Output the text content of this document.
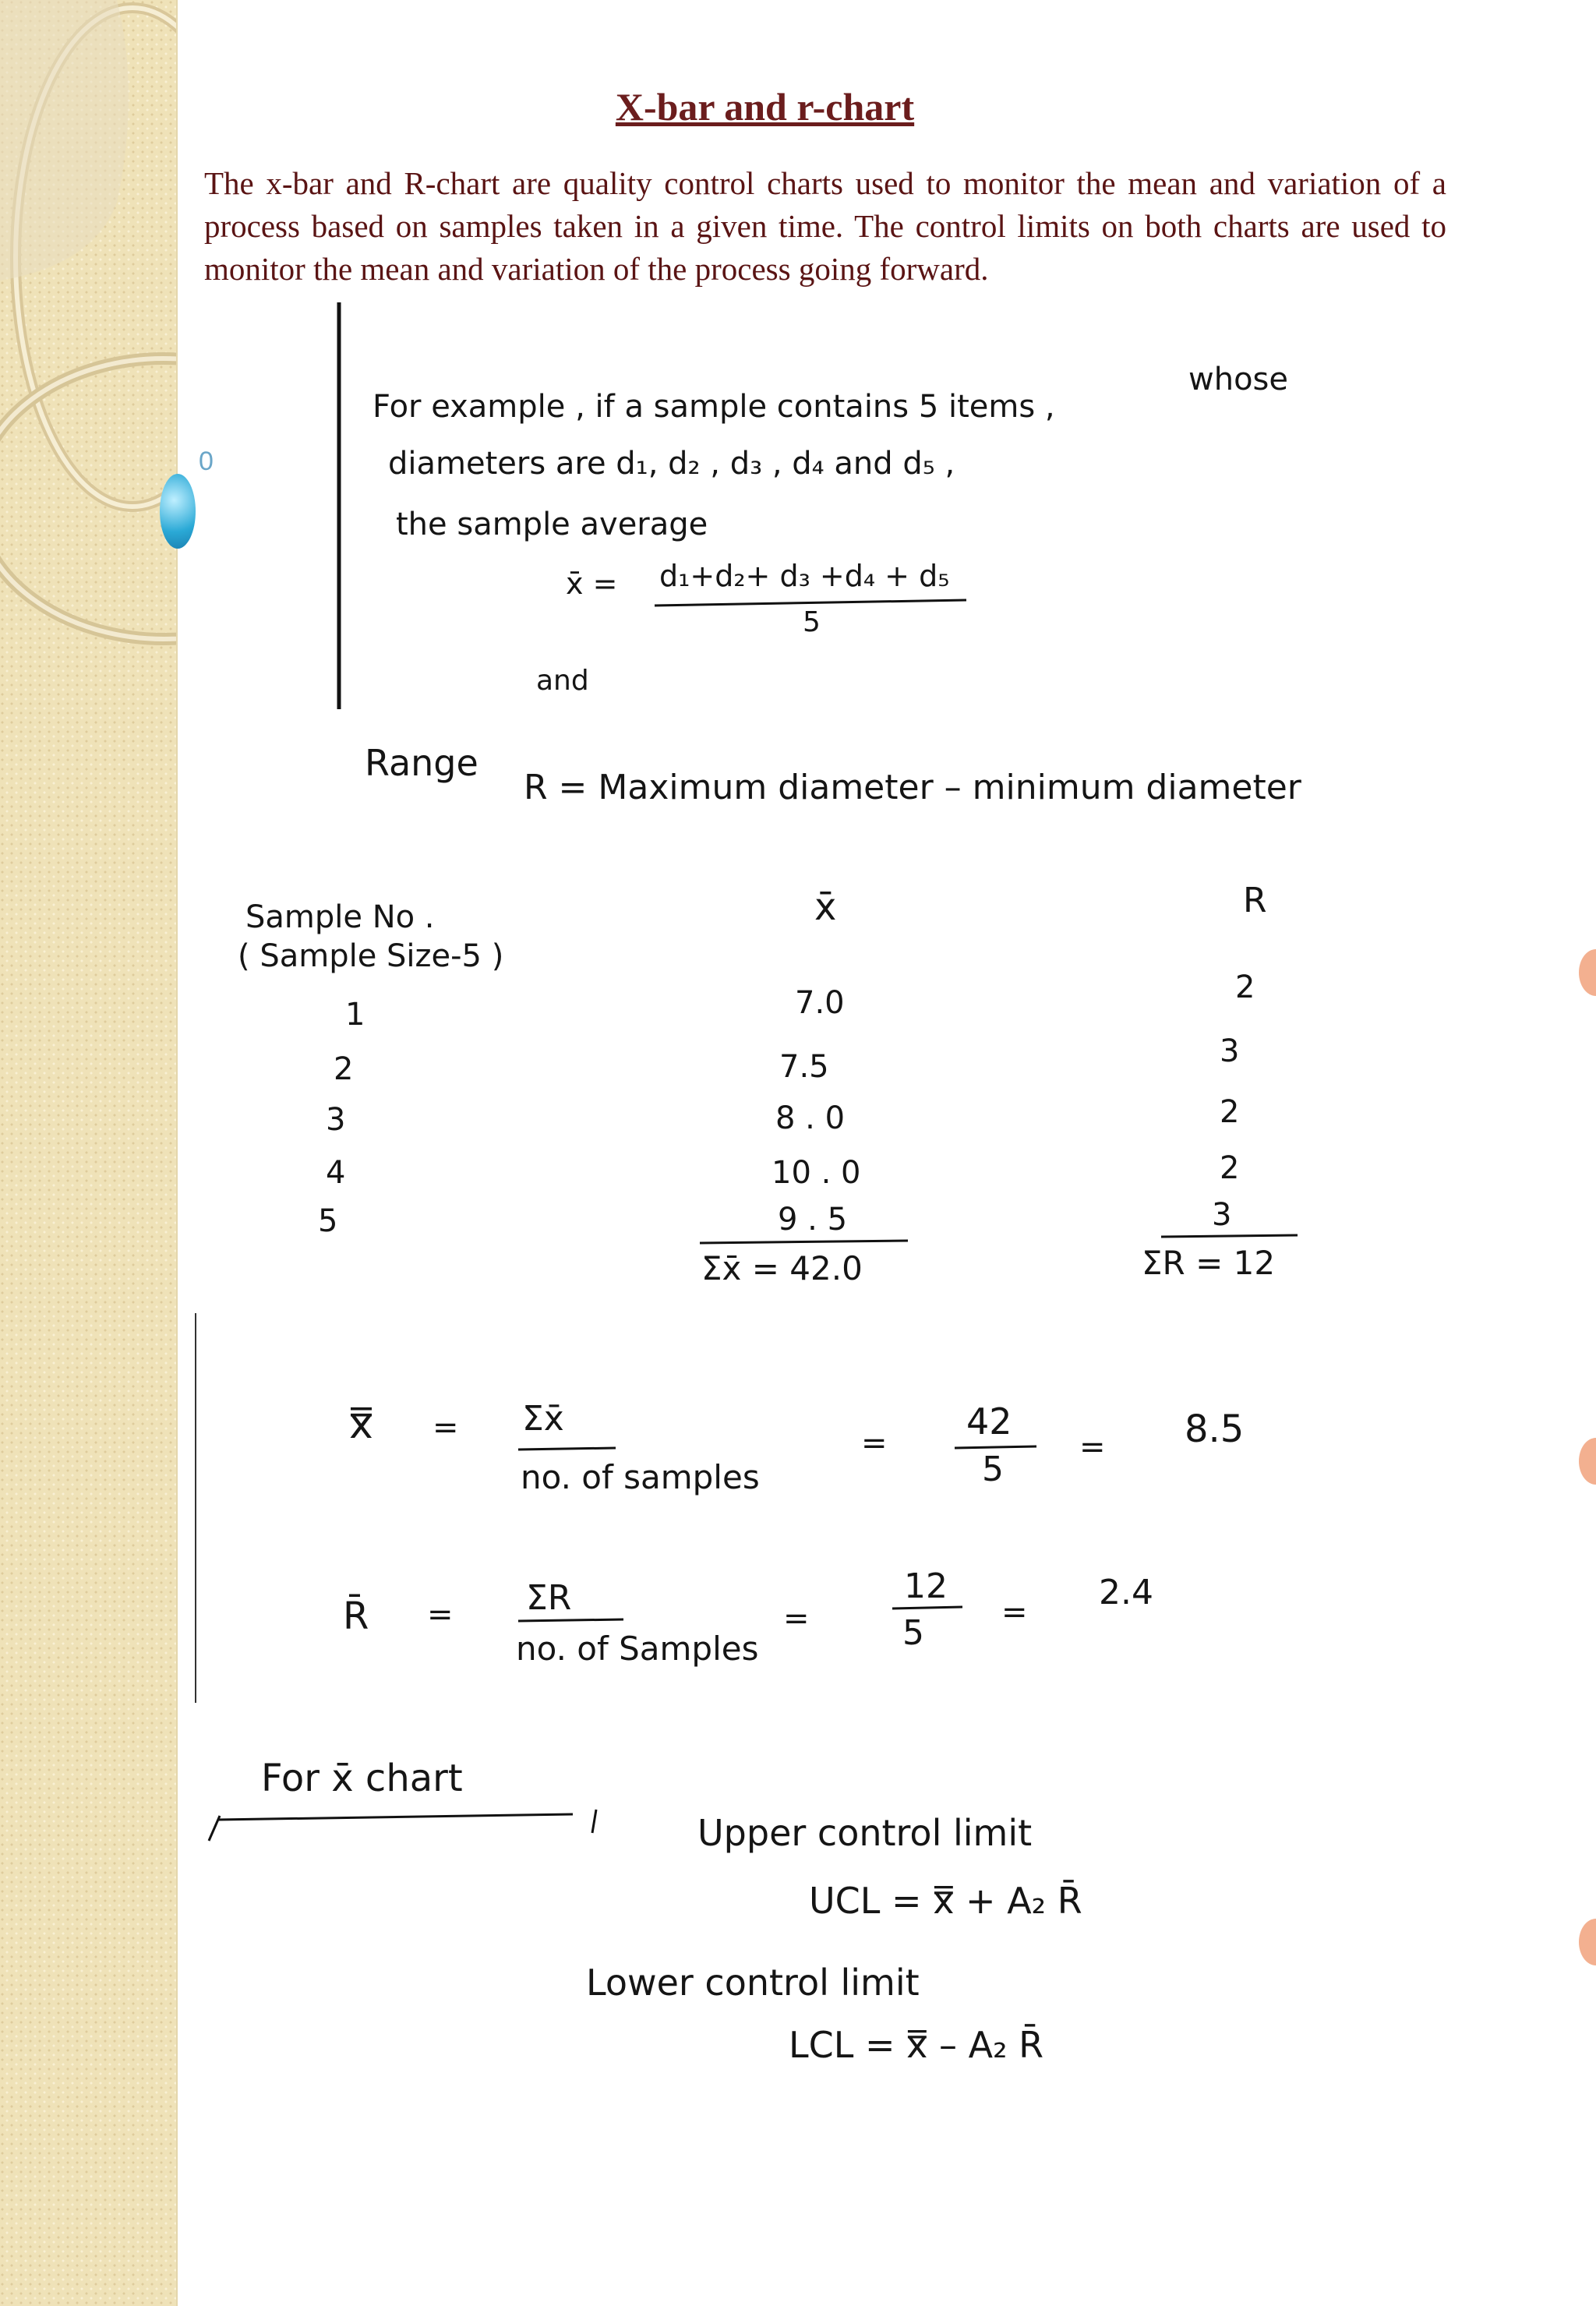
0
X-bar and r-chart
The x-bar and R-chart are quality control charts used to monitor the mean and variation of a process based on samples taken in a given time. The control limits on both charts are used to monitor the mean and variation of the process going forward.
For example , if a sample contains 5 items ,
whose
diameters are d₁, d₂ , d₃ , d₄ and d₅ ,
the sample average
x̄ = d₁+d₂+ d₃ +d₄ + d₅
5
and
Range
R = Maximum diameter – minimum diameter
Sample No .
( Sample Size-5 )
x̄	R
1	7.0	2
2	7.5	3
3	8 . 0	2
4	10 . 0	2
5	9 . 5	3
Σx̄ = 42.0	ΣR = 12
x̿ = Σx̄
no. of samples
=
42
5
= 8.5
R̄ = ΣR
no. of Samples
=
12
5
= 2.4
For x̄ chart
Upper control limit
UCL = x̿ + A₂ R̄
Lower control limit
LCL = x̿ – A₂ R̄
